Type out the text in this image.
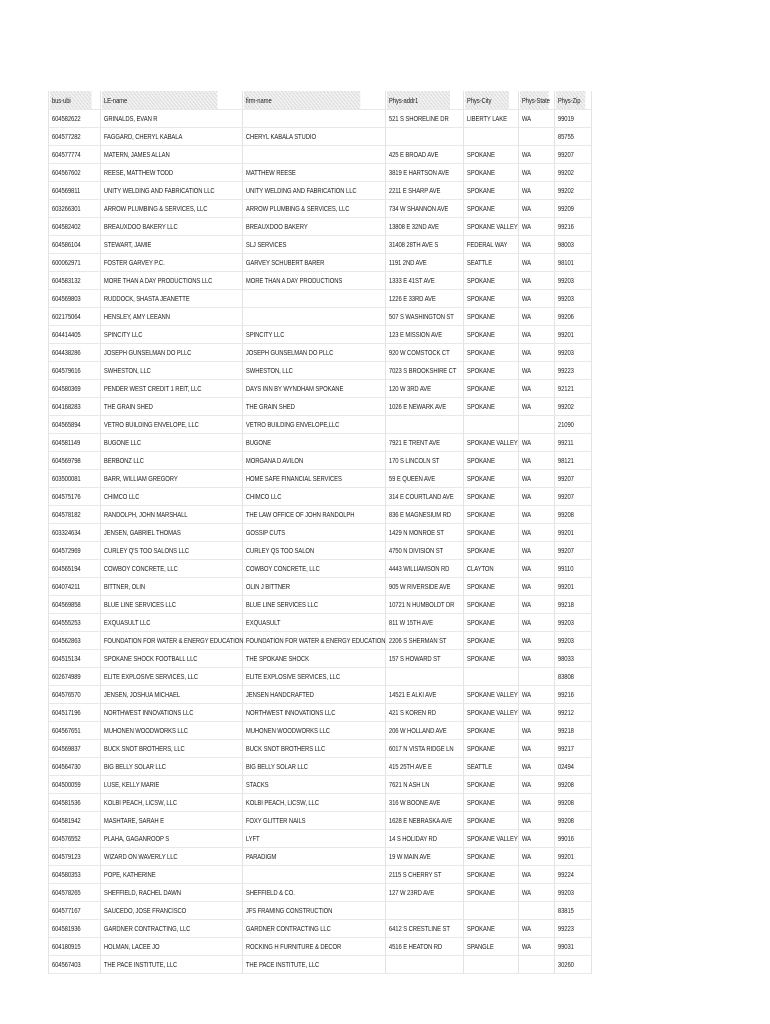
bus-ubi	LE-name	firm-name	Phys-addr1	Phys-City	Phys-State	Phys-Zip
604582622	GRINALDS, EVAN R		521 S SHORELINE DR	LIBERTY LAKE	WA	99019
604577282	FAGGARD, CHERYL KABALA	CHERYL KABALA STUDIO				85755
604577774	MATERN, JAMES ALLAN		425 E BROAD AVE	SPOKANE	WA	99207
604567602	REESE, MATTHEW TODD	MATTHEW REESE	3819 E HARTSON AVE	SPOKANE	WA	99202
604569811	UNITY WELDING AND FABRICATION LLC	UNITY WELDING AND FABRICATION LLC	2211 E SHARP AVE	SPOKANE	WA	99202
603266301	ARROW PLUMBING & SERVICES, LLC	ARROW PLUMBING & SERVICES, LLC	734 W SHANNON AVE	SPOKANE	WA	99209
604582402	BREAUXDOO BAKERY LLC	BREAUXDOO BAKERY	13808 E 32ND AVE	SPOKANE VALLEY	WA	99216
604586104	STEWART, JAMIE	SLJ SERVICES	31408 28TH AVE S	FEDERAL WAY	WA	98003
600062971	FOSTER GARVEY P.C.	GARVEY SCHUBERT BARER	1191 2ND AVE	SEATTLE	WA	98101
604583132	MORE THAN A DAY PRODUCTIONS LLC	MORE THAN A DAY PRODUCTIONS	1333 E 41ST AVE	SPOKANE	WA	99203
604569803	RUDDOCK, SHASTA JEANETTE		1226 E 33RD AVE	SPOKANE	WA	99203
602175064	HENSLEY, AMY LEEANN		507 S WASHINGTON ST	SPOKANE	WA	99206
604414405	SPINCITY LLC	SPINCITY LLC	123 E MISSION AVE	SPOKANE	WA	99201
604438286	JOSEPH GUNSELMAN DO PLLC	JOSEPH GUNSELMAN DO PLLC	920 W COMSTOCK CT	SPOKANE	WA	99203
604579616	SWHESTON, LLC	SWHESTON, LLC	7023 S BROOKSHIRE CT	SPOKANE	WA	99223
604580369	PENDER WEST CREDIT 1 REIT, LLC	DAYS INN BY WYNDHAM SPOKANE	120 W 3RD AVE	SPOKANE	WA	92121
604168283	THE GRAIN SHED	THE GRAIN SHED	1026 E NEWARK AVE	SPOKANE	WA	99202
604565894	VETRO BUILDING ENVELOPE, LLC	VETRO BUILDING ENVELOPE,LLC				21090
604581149	BUGONE LLC	BUGONE	7921 E TRENT AVE	SPOKANE VALLEY	WA	99211
604569798	BERBONZ LLC	MORGANA D AVILON	170 S LINCOLN ST	SPOKANE	WA	98121
603500081	BARR, WILLIAM GREGORY	HOME SAFE FINANCIAL SERVICES	59 E QUEEN AVE	SPOKANE	WA	99207
604575176	CHIMCO LLC	CHIMCO LLC	314 E COURTLAND AVE	SPOKANE	WA	99207
604578182	RANDOLPH, JOHN MARSHALL	THE LAW OFFICE OF JOHN RANDOLPH	836 E MAGNESIUM RD	SPOKANE	WA	99208
603324634	JENSEN, GABRIEL THOMAS	GOSSIP CUTS	1429 N MONROE ST	SPOKANE	WA	99201
604572969	CURLEY Q'S TOO SALONS LLC	CURLEY QS TOO SALON	4750 N DIVISION ST	SPOKANE	WA	99207
604565194	COWBOY CONCRETE, LLC	COWBOY CONCRETE, LLC	4443 WILLIAMSON RD	CLAYTON	WA	99110
604074211	BITTNER, OLIN	OLIN J BITTNER	905 W RIVERSIDE AVE	SPOKANE	WA	99201
604569858	BLUE LINE SERVICES LLC	BLUE LINE SERVICES LLC	10721 N HUMBOLDT DR	SPOKANE	WA	99218
604555253	EXQUASULT LLC	EXQUASULT	811 W 15TH AVE	SPOKANE	WA	99203
604562863	FOUNDATION FOR WATER & ENERGY EDUCATION	FOUNDATION FOR WATER & ENERGY EDUCATION	2206 S SHERMAN ST	SPOKANE	WA	99203
604515134	SPOKANE SHOCK FOOTBALL LLC	THE SPOKANE SHOCK	157 S HOWARD ST	SPOKANE	WA	98033
602674989	ELITE EXPLOSIVE SERVICES, LLC	ELITE EXPLOSIVE SERVICES, LLC				83808
604576570	JENSEN, JOSHUA MICHAEL	JENSEN HANDCRAFTED	14521 E ALKI AVE	SPOKANE VALLEY	WA	99216
604517196	NORTHWEST INNOVATIONS LLC	NORTHWEST INNOVATIONS LLC	421 S KOREN RD	SPOKANE VALLEY	WA	99212
604567651	MUHONEN WOODWORKS LLC	MUHONEN WOODWORKS LLC	206 W HOLLAND AVE	SPOKANE	WA	99218
604569837	BUCK SNOT BROTHERS, LLC	BUCK SNOT BROTHERS LLC	6017 N VISTA RIDGE LN	SPOKANE	WA	99217
604564730	BIG BELLY SOLAR LLC	BIG BELLY SOLAR LLC	415 25TH AVE E	SEATTLE	WA	02494
604500059	LUSE, KELLY MARIE	STACKS	7621 N ASH LN	SPOKANE	WA	99208
604581536	KOLBI PEACH, LICSW, LLC	KOLBI PEACH, LICSW, LLC	316 W BOONE AVE	SPOKANE	WA	99208
604581942	MASHTARE, SARAH E	FOXY GLITTER NAILS	1628 E NEBRASKA AVE	SPOKANE	WA	99208
604576552	PLAHA, GAGANROOP S	LYFT	14 S HOLIDAY RD	SPOKANE VALLEY	WA	99016
604579123	WIZARD ON WAVERLY LLC	PARADIGM	19 W MAIN AVE	SPOKANE	WA	99201
604580353	POPE, KATHERINE		2115 S CHERRY ST	SPOKANE	WA	99224
604578265	SHEFFIELD, RACHEL DAWN	SHEFFIELD & CO.	127 W 23RD AVE	SPOKANE	WA	99203
604577167	SAUCEDO, JOSE FRANCISCO	JFS FRAMING CONSTRUCTION				83815
604581936	GARDNER CONTRACTING, LLC	GARDNER CONTRACTING LLC	6412 S CRESTLINE ST	SPOKANE	WA	99223
604180915	HOLMAN, LACEE JO	ROCKING H FURNITURE & DECOR	4516 E HEATON RD	SPANGLE	WA	99031
604567403	THE PACE INSTITUTE, LLC	THE PACE INSTITUTE, LLC				30260
